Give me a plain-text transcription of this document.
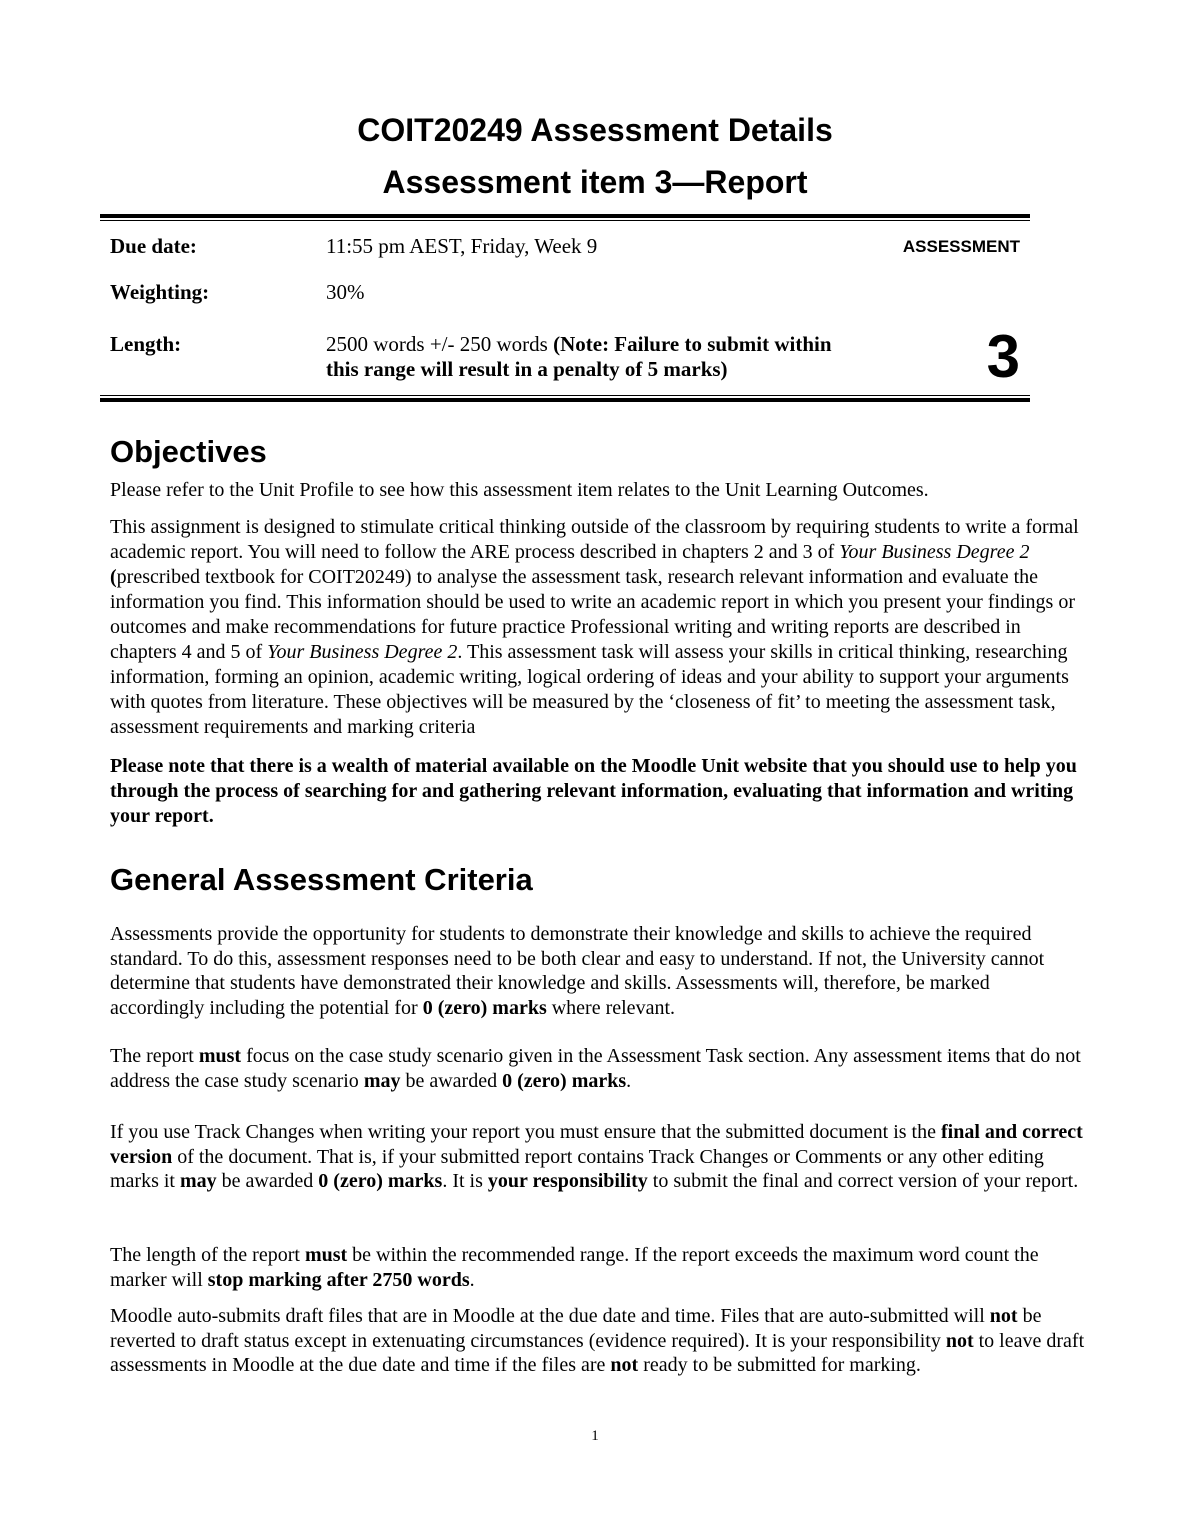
COIT20249 Assessment Details
Assessment item 3—Report
Due date:	11:55 pm AEST, Friday, Week 9
Weighting:	30%
Length:	2500 words +/- 250 words (Note: Failure to submit within this range will result in a penalty of 5 marks)
ASSESSMENT
3
Objectives

Please refer to the Unit Profile to see how this assessment item relates to the Unit Learning Outcomes.

This assignment is designed to stimulate critical thinking outside of the classroom by requiring students to write a formal academic report. You will need to follow the ARE process described in chapters 2 and 3 of Your Business Degree 2 (prescribed textbook for COIT20249) to analyse the assessment task, research relevant information and evaluate the information you find. This information should be used to write an academic report in which you present your findings or outcomes and make recommendations for future practice Professional writing and writing reports are described in chapters 4 and 5 of Your Business Degree 2. This assessment task will assess your skills in critical thinking, researching information, forming an opinion, academic writing, logical ordering of ideas and your ability to support your arguments with quotes from literature. These objectives will be measured by the ‘closeness of fit’ to meeting the assessment task, assessment requirements and marking criteria

Please note that there is a wealth of material available on the Moodle Unit website that you should use to help you through the process of searching for and gathering relevant information, evaluating that information and writing your report.

General Assessment Criteria

Assessments provide the opportunity for students to demonstrate their knowledge and skills to achieve the required standard. To do this, assessment responses need to be both clear and easy to understand. If not, the University cannot determine that students have demonstrated their knowledge and skills. Assessments will, therefore, be marked accordingly including the potential for 0 (zero) marks where relevant.

The report must focus on the case study scenario given in the Assessment Task section. Any assessment items that do not address the case study scenario may be awarded 0 (zero) marks.

If you use Track Changes when writing your report you must ensure that the submitted document is the final and correct version of the document. That is, if your submitted report contains Track Changes or Comments or any other editing marks it may be awarded 0 (zero) marks. It is your responsibility to submit the final and correct version of your report.

The length of the report must be within the recommended range. If the report exceeds the maximum word count the marker will stop marking after 2750 words.

Moodle auto-submits draft files that are in Moodle at the due date and time. Files that are auto-submitted will not be reverted to draft status except in extenuating circumstances (evidence required). It is your responsibility not to leave draft assessments in Moodle at the due date and time if the files are not ready to be submitted for marking.

1
